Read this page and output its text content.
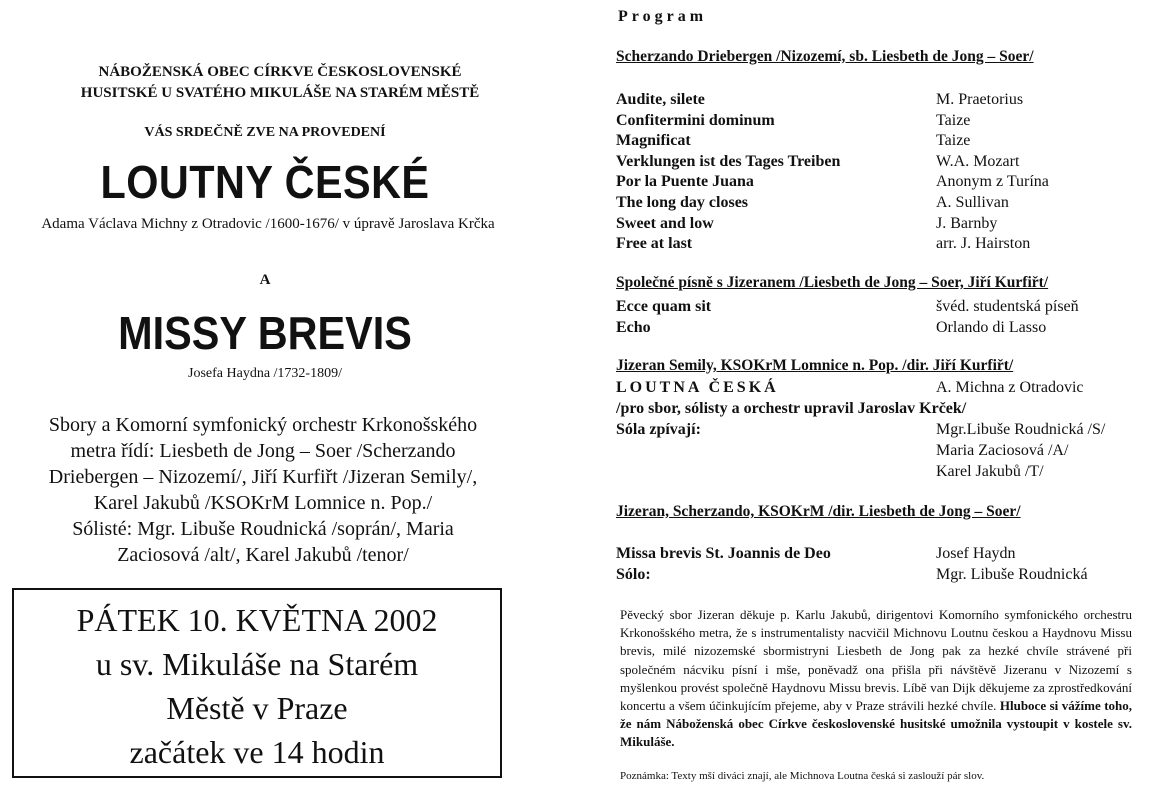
NÁBOŽENSKÁ OBEC CÍRKVE ČESKOSLOVENSKÉ
HUSITSKÉ U SVATÉHO MIKULÁŠE NA STARÉM MĚSTĚ
VÁS SRDEČNĚ ZVE NA PROVEDENÍ
LOUTNY ČESKÉ
Adama Václava Michny z Otradovic /1600-1676/ v úpravě Jaroslava Krčka
A
MISSY BREVIS
Josefa Haydna /1732-1809/
Sbory a Komorní symfonický orchestr Krkonošského
metra řídí: Liesbeth de Jong – Soer /Scherzando
Driebergen – Nizozemí/, Jiří Kurfiřt /Jizeran Semily/,
Karel Jakubů /KSOKrM Lomnice n. Pop./
Sólisté: Mgr. Libuše Roudnická /soprán/, Maria
Zaciosová /alt/, Karel Jakubů /tenor/
PÁTEK 10. KVĚTNA 2002
u sv. Mikuláše na Starém
Městě v Praze
začátek ve 14 hodin
Program
Scherzando Driebergen /Nizozemí, sb. Liesbeth de Jong – Soer/
Audite, silete	M. Praetorius
Confitermini dominum	Taize
Magnificat	Taize
Verklungen ist des Tages Treiben	W.A. Mozart
Por la Puente Juana	Anonym z Turína
The long day closes	A. Sullivan
Sweet and low	J. Barnby
Free at last	arr. J. Hairston
Společné písně s Jizeranem /Liesbeth de Jong – Soer, Jiří Kurfiřt/
Ecce quam sit	švéd. studentská píseň
Echo	Orlando di Lasso
Jizeran Semily, KSOKrM Lomnice n. Pop. /dir. Jiří Kurfiřt/
LOUTNA ČESKÁ	A. Michna z Otradovic
/pro sbor, sólisty a orchestr upravil Jaroslav Krček/
Sóla zpívají:	Mgr.Libuše Roudnická /S/
Maria Zaciosová /A/
Karel Jakubů /T/
Jizeran, Scherzando, KSOKrM /dir. Liesbeth de Jong – Soer/
Missa brevis St. Joannis de Deo	Josef Haydn
Sólo:	Mgr. Libuše Roudnická
Pěvecký sbor Jizeran děkuje p. Karlu Jakubů, dirigentovi Komorního symfonického orchestru Krkonošského metra, že s instrumentalisty nacvičil Michnovu Loutnu českou a Haydnovu Missu brevis, milé nizozemské sbormistryni Liesbeth de Jong pak za hezké chvíle strávené při společném nácviku písní i mše, poněvadž ona přišla při návštěvě Jizeranu v Nizozemí s myšlenkou provést společně Haydnovu Missu brevis. Líbě van Dijk děkujeme za zprostředkování koncertu a všem účinkujícím přejeme, aby v Praze strávili hezké chvíle. Hluboce si vážíme toho, že nám Náboženská obec Církve československé husitské umožnila vystoupit v kostele sv. Mikuláše.
Poznámka: Texty mší diváci znají, ale Michnova Loutna česká si zaslouží pár slov.
